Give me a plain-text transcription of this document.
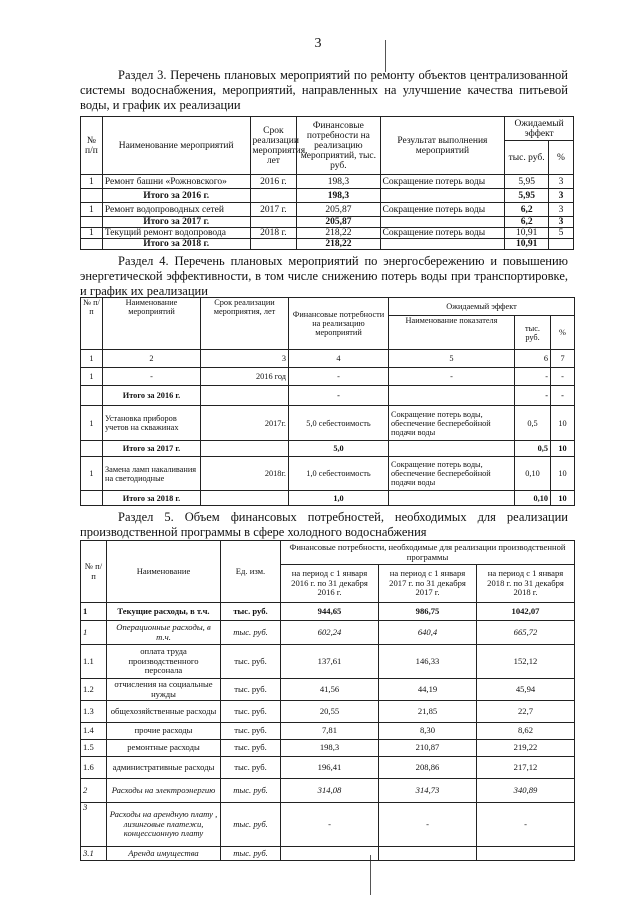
3
Раздел 3. Перечень плановых мероприятий по ремонту объектов централизованной системы водоснабжения, мероприятий, направленных на улучшение качества питьевой воды, и график их реализации
№ п/п	Наименование мероприятий	Срок реализации мероприятия, лет	Финансовые потребности на реализацию мероприятий, тыс. руб.	Результат выполнения мероприятий	Ожидаемый эффект	
					тыс. руб.	%
1	Ремонт башни «Рожновского»	2016 г.	198,3	Сокращение потерь воды	5,95	3
	Итого за 2016 г.		198,3		5,95	3
1	Ремонт водопроводных сетей	2017 г.	205,87	Сокращение потерь воды	6,2	3
	Итого за 2017 г.		205,87		6,2	3
1	Текущий ремонт водопровода	2018 г.	218,22	Сокращение потерь воды	10,91	5
	Итого за 2018 г.		218,22		10,91	
Раздел 4. Перечень плановых мероприятий по энергосбережению и повышению энергетической эффективности, в том числе снижению потерь воды при транспортировке, и график их реализации
№ п/п	Наименование мероприятий	Срок реализации мероприятия, лет	Финансовые потребности на реализацию мероприятий	Ожидаемый эффект		
				Наименование показателя	тыс. руб.	%
1	2	3	4	5	6	7
1	-	2016 год	-	-	-	-
	Итого за 2016 г.		-		-	-
1	Установка приборов учетов на скважинах	2017г.	5,0 себестоимость	Сокращение потерь воды, обеспечение бесперебойной подачи воды	0,5	10
	Итого за 2017 г.		5,0		0,5	10
1	Замена ламп накаливания на светодиодные	2018г.	1,0 себестоимость	Сокращение потерь воды, обеспечение бесперебойной подачи воды	0,10	10
	Итого за 2018 г.		1,0		0,10	10
Раздел 5. Объем финансовых потребностей, необходимых для реализации производственной программы в сфере холодного водоснабжения
№ п/п	Наименование	Ед. изм.	Финансовые потребности, необходимые для реализации производственной программы		
			на период с 1 января 2016 г. по 31 декабря 2016 г.	на период с 1 января 2017 г. по 31 декабря 2017 г.	на период с 1 января 2018 г. по 31 декабря 2018 г.
1	Текущие расходы, в т.ч.	тыс. руб.	944,65	986,75	1042,07
1	Операционные расходы, в т.ч.	тыс. руб.	602,24	640,4	665,72
1.1	оплата труда производственного персонала	тыс. руб.	137,61	146,33	152,12
1.2	отчисления на социальные нужды	тыс. руб.	41,56	44,19	45,94
1.3	общехозяйственные расходы	тыс. руб.	20,55	21,85	22,7
1.4	прочие расходы	тыс. руб.	7,81	8,30	8,62
1.5	ремонтные расходы	тыс. руб.	198,3	210,87	219,22
1.6	административные расходы	тыс. руб.	196,41	208,86	217,12
2	Расходы на электроэнергию	тыс. руб.	314,08	314,73	340,89
3	Расходы на арендную плату , лизинговые платежи, концессионную плату	тыс. руб.	-	-	-
3.1	Аренда имущества	тыс. руб.			
